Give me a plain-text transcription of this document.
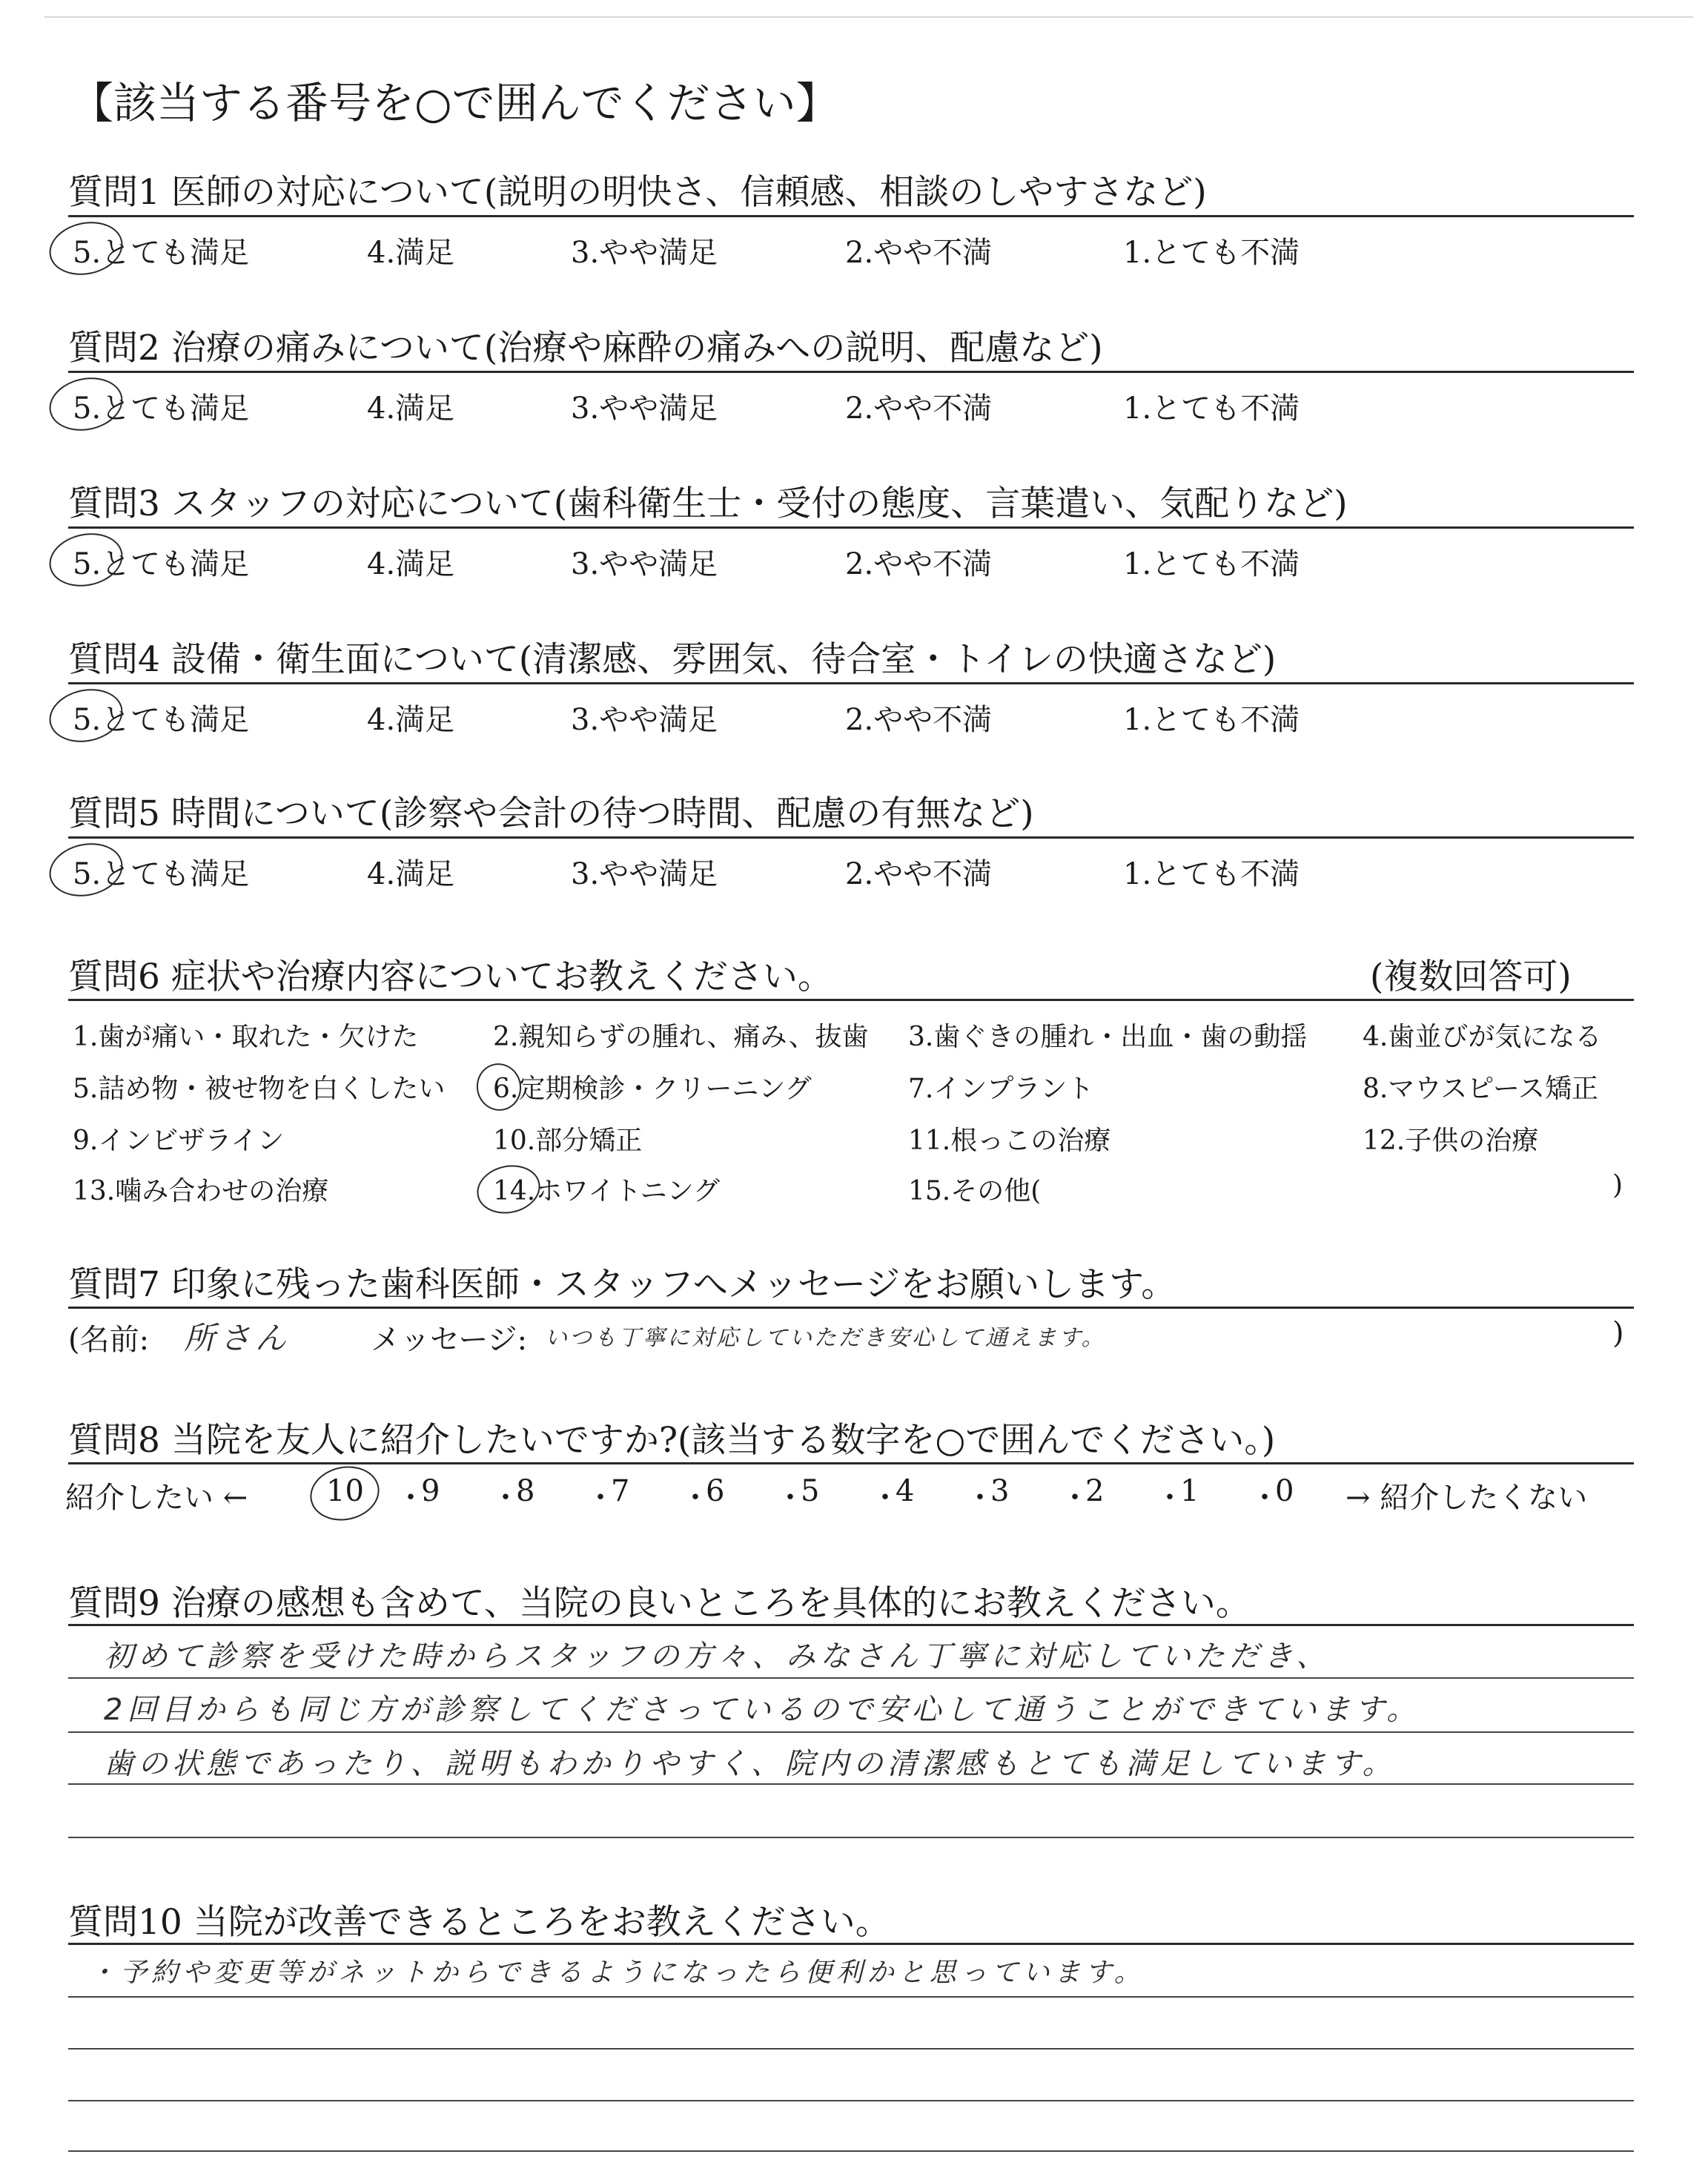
【該当する番号を○で囲んでください】
質問1 医師の対応について(説明の明快さ、信頼感、相談のしやすさなど)
5.とても満足	4.満足	3.やや満足	2.やや不満	1.とても不満
質問2 治療の痛みについて(治療や麻酔の痛みへの説明、配慮など)
5.とても満足	4.満足	3.やや満足	2.やや不満	1.とても不満
質問3 スタッフの対応について(歯科衛生士・受付の態度、言葉遣い、気配りなど)
5.とても満足	4.満足	3.やや満足	2.やや不満	1.とても不満
質問4 設備・衛生面について(清潔感、雰囲気、待合室・トイレの快適さなど)
5.とても満足	4.満足	3.やや満足	2.やや不満	1.とても不満
質問5 時間について(診察や会計の待つ時間、配慮の有無など)
5.とても満足	4.満足	3.やや満足	2.やや不満	1.とても不満
質問6 症状や治療内容についてお教えください。	(複数回答可)
1.歯が痛い・取れた・欠けた	2.親知らずの腫れ、痛み、抜歯 3.歯ぐきの腫れ・出血・歯の動揺 4.歯並びが気になる
5.詰め物・被せ物を白くしたい 6.定期検診・クリーニング	7.インプラント	8.マウスピース矯正
9.インビザライン	10.部分矯正	11.根っこの治療	12.子供の治療
13.噛み合わせの治療	14.ホワイトニング	15.その他(	)
質問7 印象に残った歯科医師・スタッフへメッセージをお願いします。
(名前: 所さん	メッセージ: いつも丁寧に対応していただき安心して通えます。	)
質問8 当院を友人に紹介したいですか?(該当する数字を○で囲んでください。)
紹介したい ←	→ 紹介したくない
10 ・
9 ・
8 ・
7 ・
6 ・
5 ・
4 ・
3 ・
2 ・
1 ・
0
質問9 治療の感想も含めて、当院の良いところを具体的にお教えください。
初めて診察を受けた時からスタッフの方々、みなさん丁寧に対応していただき、
2回目からも同じ方が診察してくださっているので安心して通うことができています。
歯の状態であったり、説明もわかりやすく、院内の清潔感もとても満足しています。
質問10 当院が改善できるところをお教えください。
・予約や変更等がネットからできるようになったら便利かと思っています。
